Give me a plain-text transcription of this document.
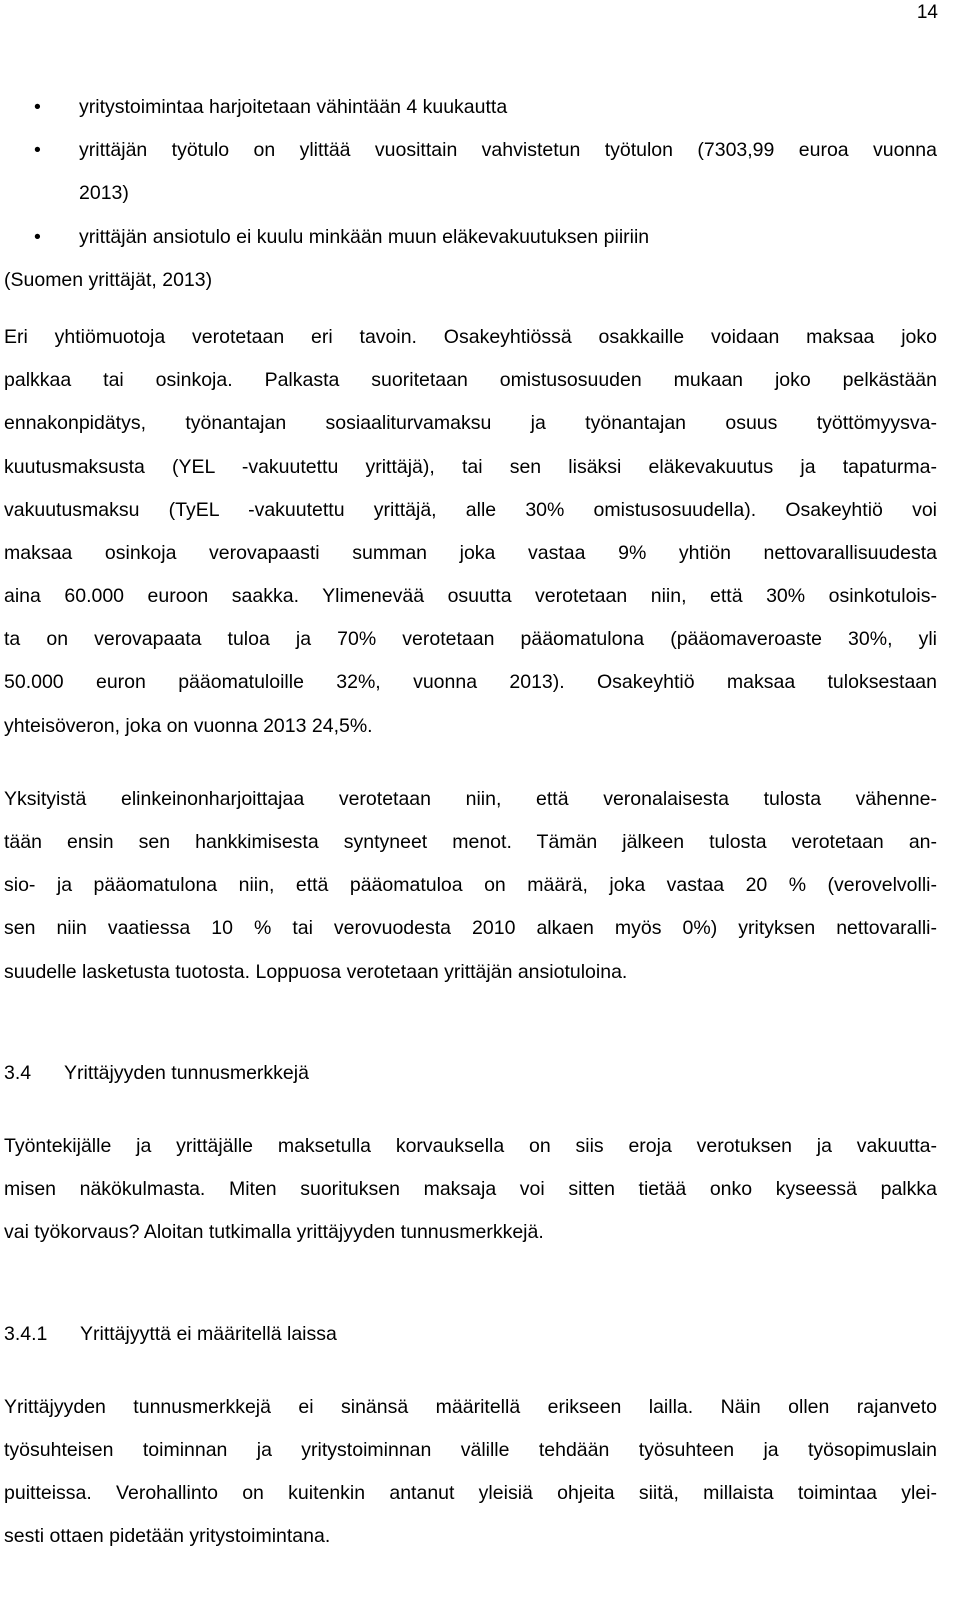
14
• yritystoimintaa harjoitetaan vähintään 4 kuukautta
• yrittäjän työtulo on ylittää vuosittain vahvistetun työtulon (7303,99 euroa vuonna
2013)
• yrittäjän ansiotulo ei kuulu minkään muun eläkevakuutuksen piiriin
(Suomen yrittäjät, 2013)
Eri yhtiömuotoja verotetaan eri tavoin. Osakeyhtiössä osakkaille voidaan maksaa joko
palkkaa tai osinkoja. Palkasta suoritetaan omistusosuuden mukaan joko pelkästään
ennakonpidätys, työnantajan sosiaaliturvamaksu ja työnantajan osuus työttömyysva-
kuutusmaksusta (YEL -vakuutettu yrittäjä), tai sen lisäksi eläkevakuutus ja tapaturma-
vakuutusmaksu (TyEL -vakuutettu yrittäjä, alle 30% omistusosuudella). Osakeyhtiö voi
maksaa osinkoja verovapaasti summan joka vastaa 9% yhtiön nettovarallisuudesta
aina 60.000 euroon saakka. Ylimenevää osuutta verotetaan niin, että 30% osinkotulois-
ta on verovapaata tuloa ja 70% verotetaan pääomatulona (pääomaveroaste 30%, yli
50.000 euron pääomatuloille 32%, vuonna 2013). Osakeyhtiö maksaa tuloksestaan
yhteisöveron, joka on vuonna 2013 24,5%.
Yksityistä elinkeinonharjoittajaa verotetaan niin, että veronalaisesta tulosta vähenne-
tään ensin sen hankkimisesta syntyneet menot. Tämän jälkeen tulosta verotetaan an-
sio- ja pääomatulona niin, että pääomatuloa on määrä, joka vastaa 20 % (verovelvolli-
sen niin vaatiessa 10 % tai verovuodesta 2010 alkaen myös 0%) yrityksen nettovaralli-
suudelle lasketusta tuotosta. Loppuosa verotetaan yrittäjän ansiotuloina.
3.4 Yrittäjyyden tunnusmerkkejä
Työntekijälle ja yrittäjälle maksetulla korvauksella on siis eroja verotuksen ja vakuutta-
misen näkökulmasta. Miten suorituksen maksaja voi sitten tietää onko kyseessä palkka
vai työkorvaus? Aloitan tutkimalla yrittäjyyden tunnusmerkkejä.
3.4.1 Yrittäjyyttä ei määritellä laissa
Yrittäjyyden tunnusmerkkejä ei sinänsä määritellä erikseen lailla. Näin ollen rajanveto
työsuhteisen toiminnan ja yritystoiminnan välille tehdään työsuhteen ja työsopimuslain
puitteissa. Verohallinto on kuitenkin antanut yleisiä ohjeita siitä, millaista toimintaa ylei-
sesti ottaen pidetään yritystoimintana.
